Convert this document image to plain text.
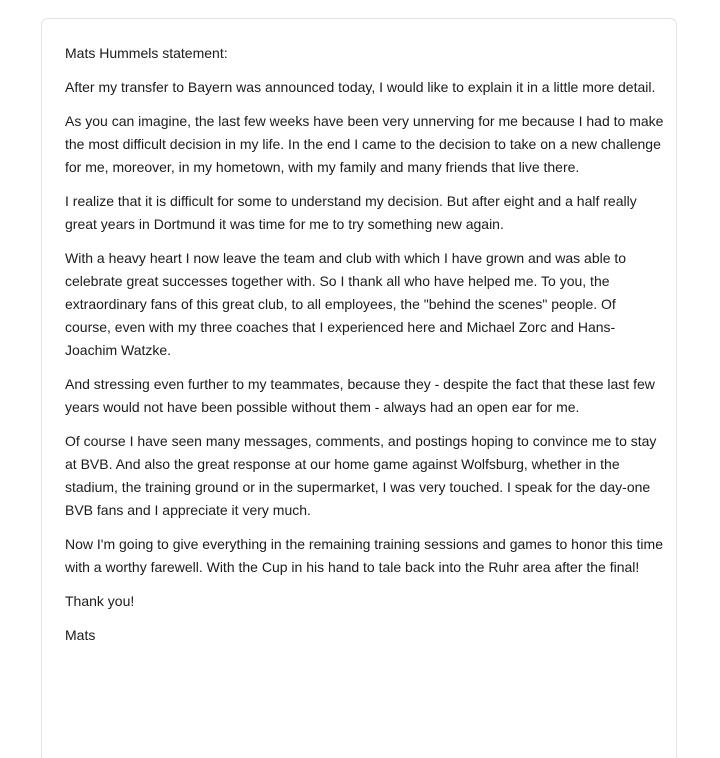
Mats Hummels statement:

After my transfer to Bayern was announced today, I would like to explain it in a little more detail.

As you can imagine, the last few weeks have been very unnerving for me because I had to make the most difficult decision in my life. In the end I came to the decision to take on a new challenge for me, moreover, in my hometown, with my family and many friends that live there.

I realize that it is difficult for some to understand my decision. But after eight and a half really great years in Dortmund it was time for me to try something new again.

With a heavy heart I now leave the team and club with which I have grown and was able to celebrate great successes together with. So I thank all who have helped me. To you, the extraordinary fans of this great club, to all employees, the "behind the scenes" people. Of course, even with my three coaches that I experienced here and Michael Zorc and Hans-Joachim Watzke.

And stressing even further to my teammates, because they - despite the fact that these last few years would not have been possible without them - always had an open ear for me.

Of course I have seen many messages, comments, and postings hoping to convince me to stay at BVB. And also the great response at our home game against Wolfsburg, whether in the stadium, the training ground or in the supermarket, I was very touched. I speak for the day-one BVB fans and I appreciate it very much.

Now I'm going to give everything in the remaining training sessions and games to honor this time with a worthy farewell. With the Cup in his hand to tale back into the Ruhr area after the final!

Thank you!

Mats
